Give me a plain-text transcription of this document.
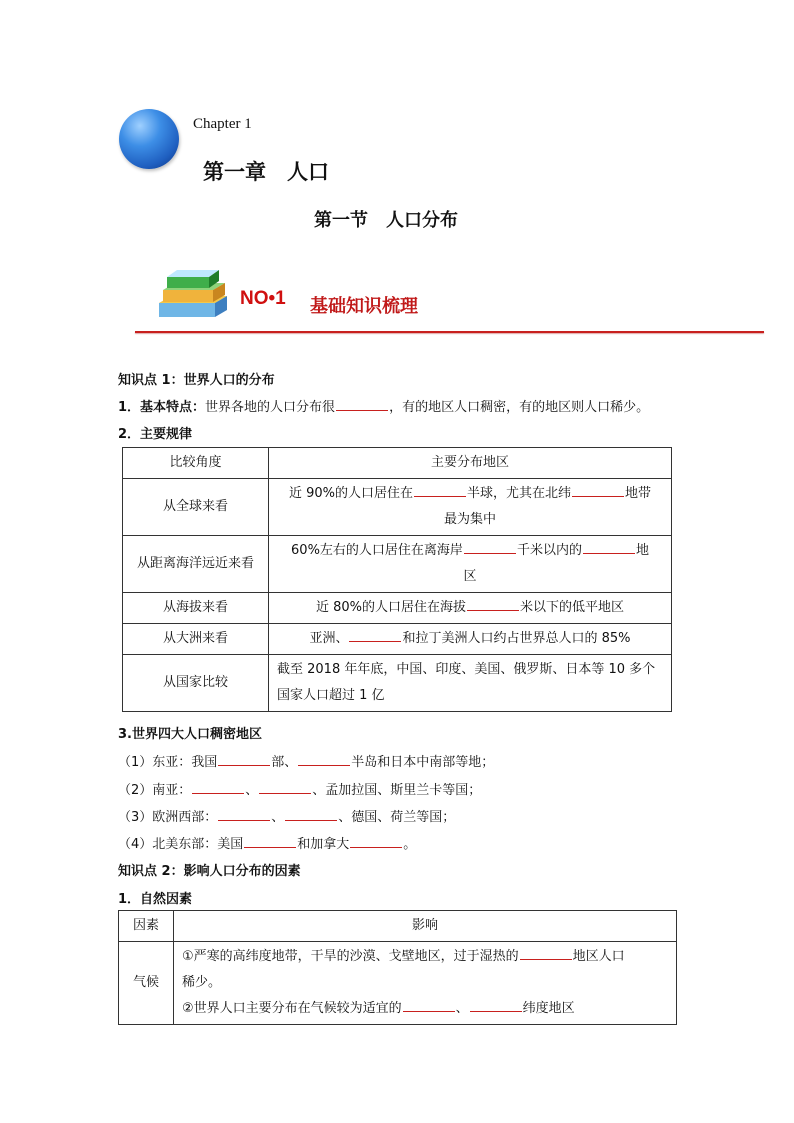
Chapter 1
第一章　人口
第一节　人口分布
NO•1 基础知识梳理
知识点 1：世界人口的分布
1．基本特点：世界各地的人口分布很	，有的地区人口稠密，有的地区则人口稀少。
2．主要规律
比较角度	主要分布地区
从全球来看	近 90%的人口居住在 半球，尤其在北纬 地带
最为集中
从距离海洋远近来看	60%左右的人口居住在离海岸 千米以内的 地
区
从海拔来看	近 80%的人口居住在海拔 米以下的低平地区
从大洲来看	亚洲、 和拉丁美洲人口约占世界总人口的 85%
从国家比较	截至 2018 年年底，中国、印度、美国、俄罗斯、日本等 10 多个
国家人口超过 1 亿
3.世界四大人口稠密地区
（1）东亚：我国	部、	半岛和日本中南部等地；
（2）南亚：	、	、孟加拉国、斯里兰卡等国；
（3）欧洲西部：	、	、德国、荷兰等国；
（4）北美东部：美国	和加拿大	。
知识点 2：影响人口分布的因素
1．自然因素
因素	影响
气候	①严寒的高纬度地带，干旱的沙漠、戈壁地区，过于湿热的 地区人口
稀少。
②世界人口主要分布在气候较为适宜的 、 纬度地区
